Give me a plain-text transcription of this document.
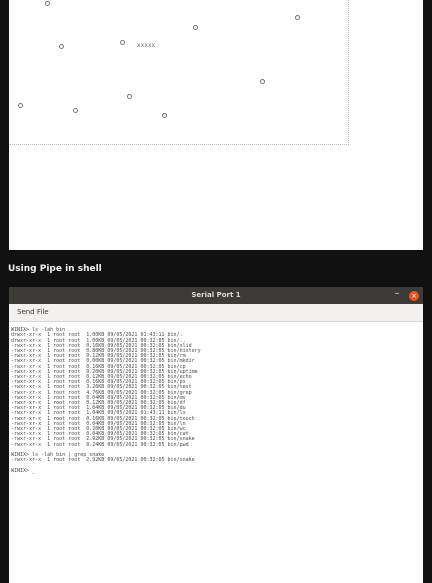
xxxxx
Using Pipe in shell
Serial Port 1	–	×
Send File

WINIX> ls -lah bin
drwxr-xr-x  1 root root  1.00KB 09/05/2021 01:43:11 bin/.
drwxr-xr-x  1 root root  1.00KB 09/05/2021 00:32:05 bin/..
-rwxr-xr-x  1 root root  0.16KB 09/05/2021 00:32:05 bin/slid
-rwxr-xr-x  1 root root  0.80KB 09/05/2021 00:32:05 bin/history
-rwxr-xr-x  1 root root  0.12KB 09/05/2021 00:32:05 bin/rm
-rwxr-xr-x  1 root root  0.00KB 09/05/2021 00:32:05 bin/mkdir
-rwxr-xr-x  1 root root  0.16KB 09/05/2021 00:32:05 bin/cp
-rwxr-xr-x  1 root root  0.20KB 09/05/2021 00:32:05 bin/uptime
-rwxr-xr-x  1 root root  0.12KB 09/05/2021 00:32:05 bin/echo
-rwxr-xr-x  1 root root  0.16KB 09/05/2021 00:32:05 bin/ps
-rwxr-xr-x  1 root root  3.26KB 09/05/2021 00:32:05 bin/test
-rwxr-xr-x  1 root root  4.76KB 09/05/2021 00:32:05 bin/grep
-rwxr-xr-x  1 root root  0.04KB 09/05/2021 00:32:05 bin/mv
-rwxr-xr-x  1 root root  0.12KB 09/05/2021 00:32:05 bin/df
-rwxr-xr-x  1 root root  1.04KB 09/05/2021 00:32:05 bin/du
-rwxr-xr-x  1 root root  1.04KB 09/05/2021 01:43:11 bin/ls
-rwxr-xr-x  1 root root  0.16KB 09/05/2021 00:32:05 bin/touch
-rwxr-xr-x  1 root root  0.04KB 09/05/2021 00:32:05 bin/ln
-rwxr-xr-x  1 root root  0.20KB 09/05/2021 00:32:05 bin/wc
-rwxr-xr-x  1 root root  0.04KB 09/05/2021 00:32:05 bin/cat
-rwxr-xr-x  1 root root  2.92KB 09/05/2021 00:32:05 bin/snake
-rwxr-xr-x  1 root root  0.24KB 09/05/2021 00:32:05 bin/pwd

WINIX> ls -lah bin | grep snake
-rwxr-xr-x  1 root root  2.92KB 09/05/2021 00:32:05 bin/snake

WINIX> _
